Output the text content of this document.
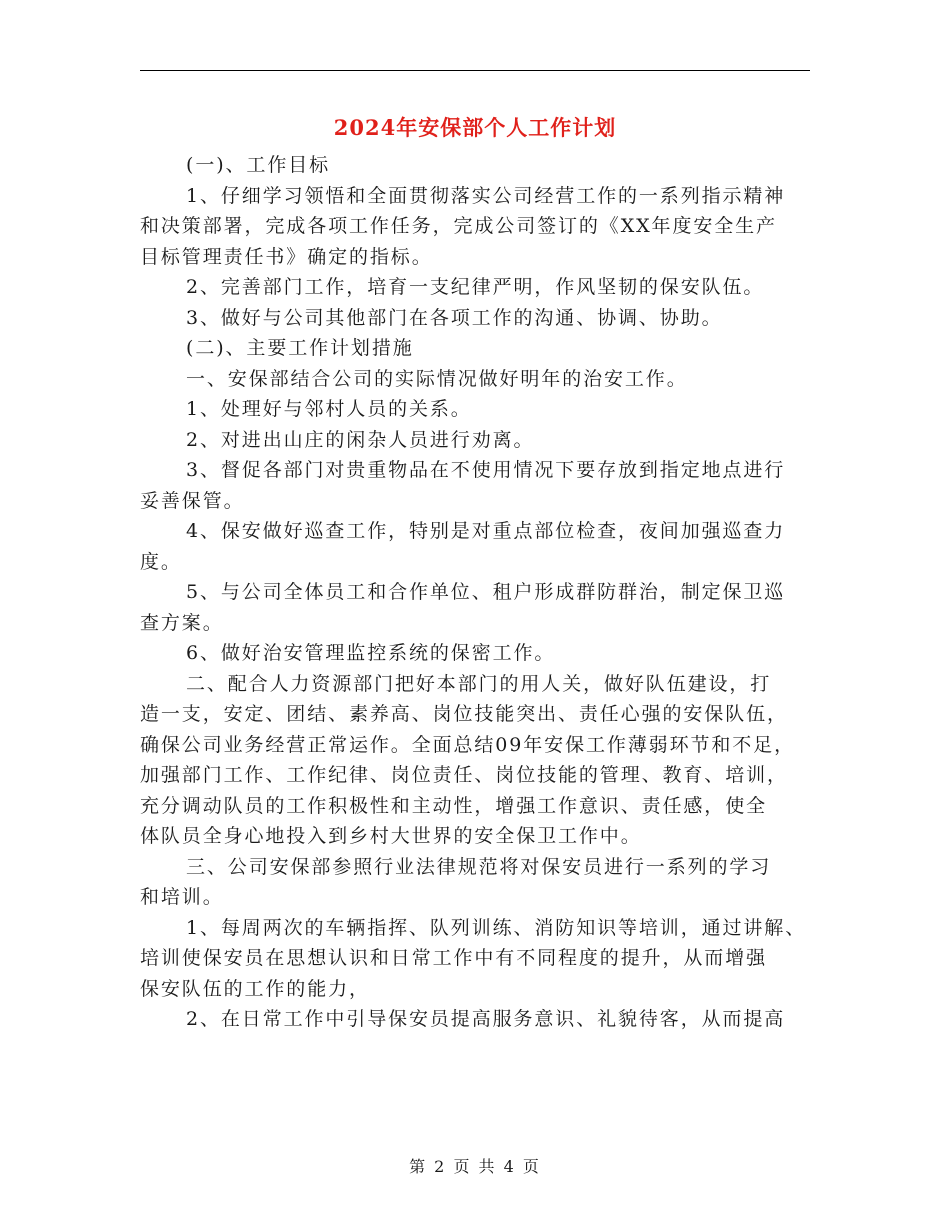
2024年安保部个人工作计划
(一)、工作目标
1、仔细学习领悟和全面贯彻落实公司经营工作的一系列指示精神
和决策部署，完成各项工作任务，完成公司签订的《XX年度安全生产
目标管理责任书》确定的指标。
2、完善部门工作，培育一支纪律严明，作风坚韧的保安队伍。
3、做好与公司其他部门在各项工作的沟通、协调、协助。
(二)、主要工作计划措施
一、安保部结合公司的实际情况做好明年的治安工作。
1、处理好与邻村人员的关系。
2、对进出山庄的闲杂人员进行劝离。
3、督促各部门对贵重物品在不使用情况下要存放到指定地点进行
妥善保管。
4、保安做好巡查工作，特别是对重点部位检查，夜间加强巡查力
度。
5、与公司全体员工和合作单位、租户形成群防群治，制定保卫巡
查方案。
6、做好治安管理监控系统的保密工作。
二、配合人力资源部门把好本部门的用人关，做好队伍建设，打
造一支，安定、团结、素养高、岗位技能突出、责任心强的安保队伍，
确保公司业务经营正常运作。全面总结09年安保工作薄弱环节和不足，
加强部门工作、工作纪律、岗位责任、岗位技能的管理、教育、培训，
充分调动队员的工作积极性和主动性，增强工作意识、责任感，使全
体队员全身心地投入到乡村大世界的安全保卫工作中。
三、公司安保部参照行业法律规范将对保安员进行一系列的学习
和培训。
1、每周两次的车辆指挥、队列训练、消防知识等培训，通过讲解、
培训使保安员在思想认识和日常工作中有不同程度的提升，从而增强
保安队伍的工作的能力，
2、在日常工作中引导保安员提高服务意识、礼貌待客，从而提高
第 2 页 共 4 页
